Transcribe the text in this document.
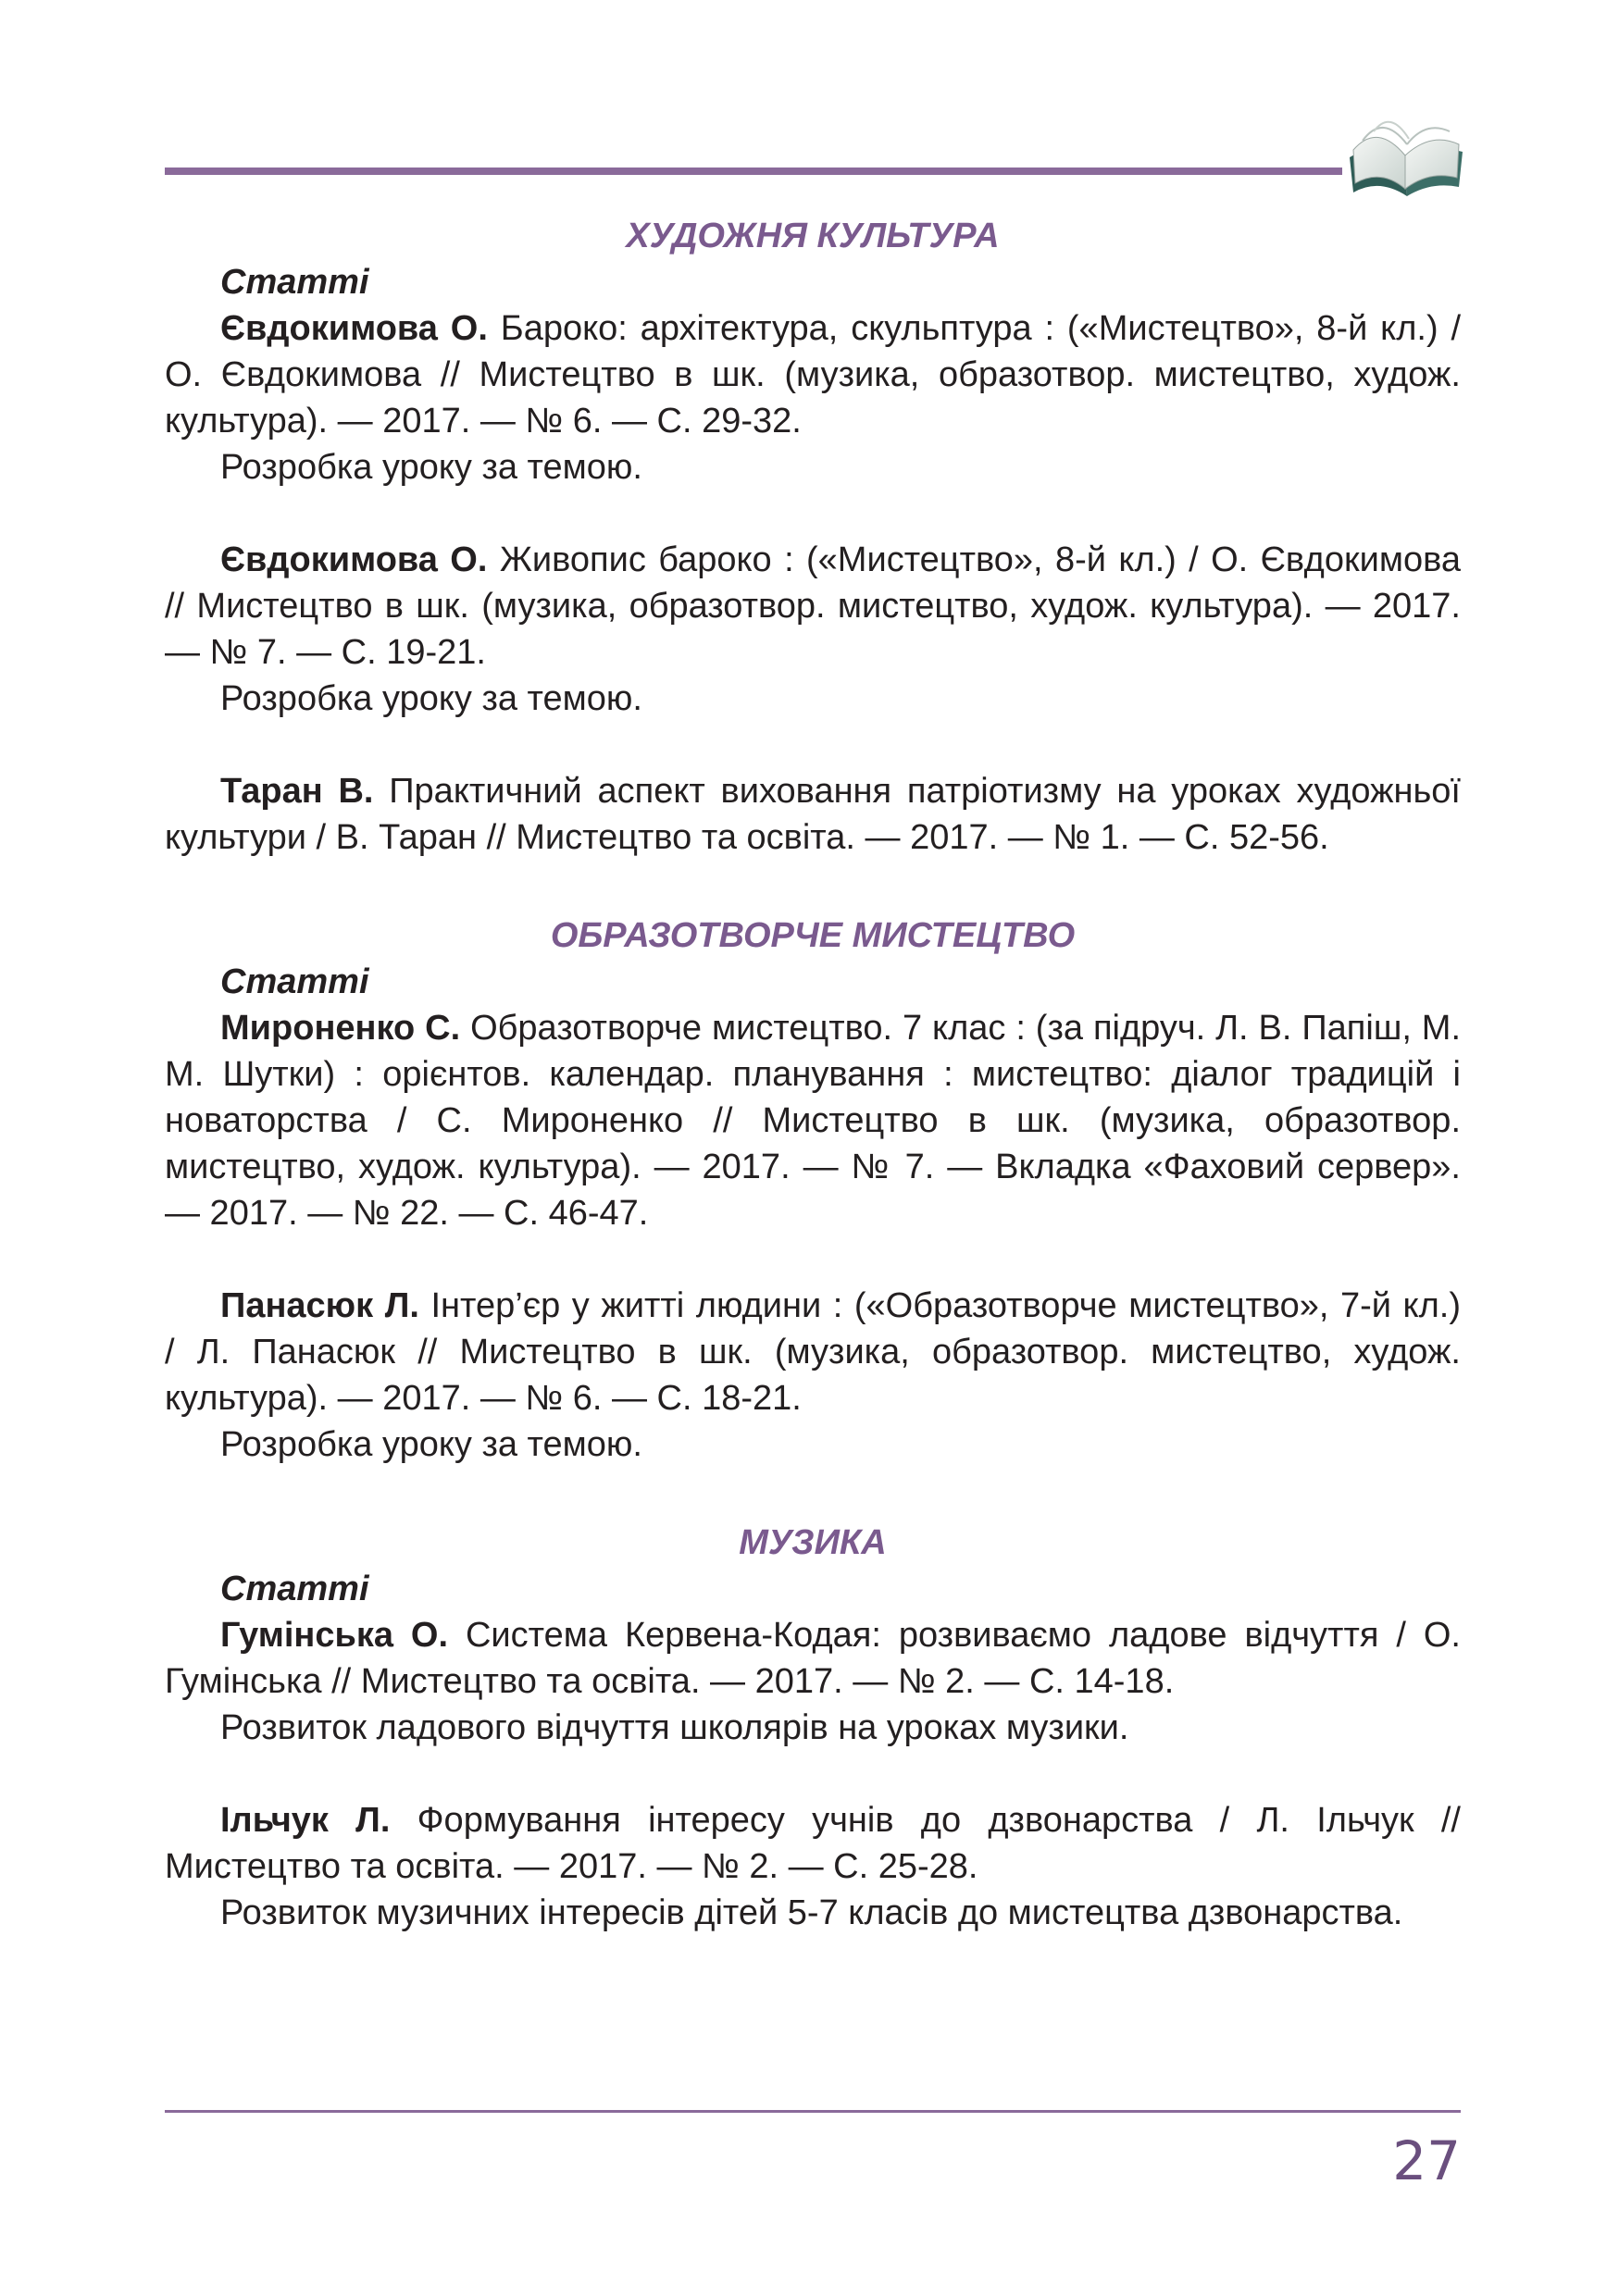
ХУДОЖНЯ КУЛЬТУРА

Статті

Євдокимова О. Бароко: архітектура, скульптура : («Мистецтво», 8-й кл.) / О. Євдокимова // Мистецтво в шк. (музика, образотвор. мистецтво, худож. культура). — 2017. — № 6. — С. 29-32.

Розробка уроку за темою.

Євдокимова О. Живопис бароко : («Мистецтво», 8-й кл.) / О. Євдокимова // Мистецтво в шк. (музика, образотвор. мистецтво, худож. культура). — 2017. — № 7. — С. 19-21.

Розробка уроку за темою.

Таран В. Практичний аспект виховання патріотизму на уроках художньої культури / В. Таран // Мистецтво та освіта. — 2017. — № 1. — С. 52-56.

ОБРАЗОТВОРЧЕ МИСТЕЦТВО

Статті

Мироненко С. Образотворче мистецтво. 7 клас : (за підруч. Л. В. Папіш, М. М. Шутки) : орієнтов. календар. планування : мистецтво: діалог традицій і новаторства / С. Мироненко // Мистецтво в шк. (музика, образотвор. мистецтво, худож. культура). — 2017. — № 7. — Вкладка «Фаховий сервер». — 2017. — № 22. — С. 46-47.

Панасюк Л. Інтер’єр у житті людини : («Образотворче мистецтво», 7-й кл.) / Л. Панасюк // Мистецтво в шк. (музика, образотвор. мистецтво, худож. культура). — 2017. — № 6. — С. 18-21.

Розробка уроку за темою.

МУЗИКА

Статті

Гумінська О. Система Кервена-Кодая: розвиваємо ладове відчуття / О. Гумінська // Мистецтво та освіта. — 2017. — № 2. — С. 14-18.

Розвиток ладового відчуття школярів на уроках музики.

Ільчук Л. Формування інтересу учнів до дзвонарства / Л. Ільчук // Мистецтво та освіта. — 2017. — № 2. — С. 25-28.

Розвиток музичних інтересів дітей 5-7 класів до мистецтва дзвонарства.

27
